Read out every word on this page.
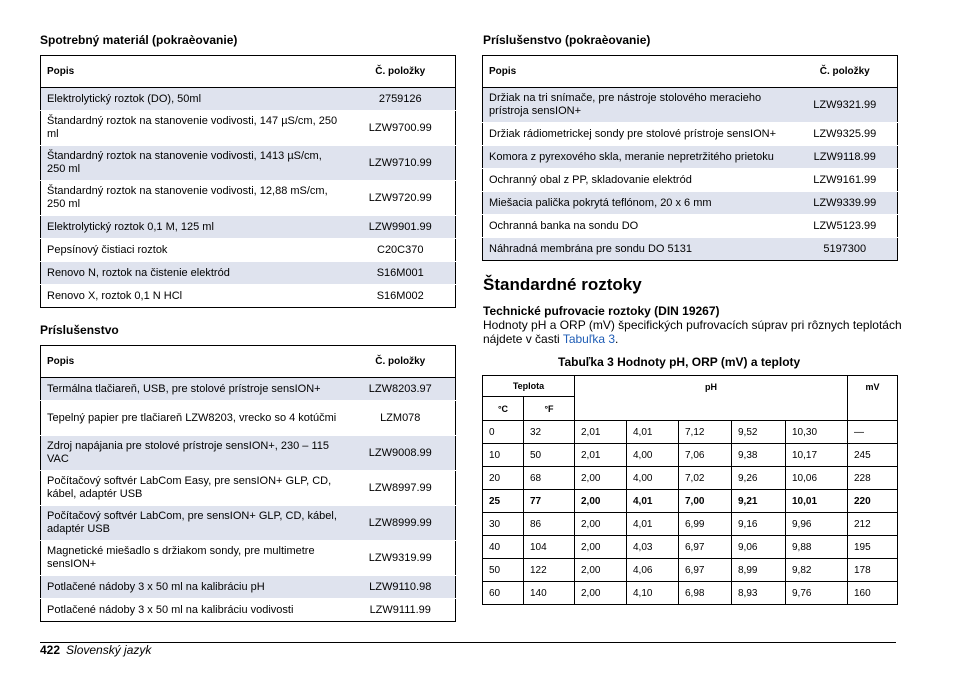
Spotrebný materiál (pokraèovanie)
Popis	Č. položky
Elektrolytický roztok (DO), 50ml	2759126
Štandardný roztok na stanovenie vodivosti, 147 µS/cm, 250 ml	LZW9700.99
Štandardný roztok na stanovenie vodivosti, 1413 µS/cm, 250 ml	LZW9710.99
Štandardný roztok na stanovenie vodivosti, 12,88 mS/cm, 250 ml	LZW9720.99
Elektrolytický roztok 0,1 M, 125 ml	LZW9901.99
Pepsínový čistiaci roztok	C20C370
Renovo N, roztok na čistenie elektród	S16M001
Renovo X, roztok 0,1 N HCl	S16M002
Príslušenstvo
Popis	Č. položky
Termálna tlačiareň, USB, pre stolové prístroje sensION+	LZW8203.97
Tepelný papier pre tlačiareň LZW8203, vrecko so 4 kotúčmi	LZM078
Zdroj napájania pre stolové prístroje sensION+, 230 – 115 VAC	LZW9008.99
Počítačový softvér LabCom Easy, pre sensION+ GLP, CD, kábel, adaptér USB	LZW8997.99
Počítačový softvér LabCom, pre sensION+ GLP, CD, kábel, adaptér USB	LZW8999.99
Magnetické miešadlo s držiakom sondy, pre multimetre sensION+	LZW9319.99
Potlačené nádoby 3 x 50 ml na kalibráciu pH	LZW9110.98
Potlačené nádoby 3 x 50 ml na kalibráciu vodivosti	LZW9111.99
Príslušenstvo (pokraèovanie)
Popis	Č. položky
Držiak na tri snímače, pre nástroje stolového meracieho prístroja sensION+	LZW9321.99
Držiak rádiometrickej sondy pre stolové prístroje sensION+	LZW9325.99
Komora z pyrexového skla, meranie nepretržitého prietoku	LZW9118.99
Ochranný obal z PP, skladovanie elektród	LZW9161.99
Miešacia palička pokrytá teflónom, 20 x 6 mm	LZW9339.99
Ochranná banka na sondu DO	LZW5123.99
Náhradná membrána pre sondu DO 5131	5197300
Štandardné roztoky
Technické pufrovacie roztoky (DIN 19267)
Hodnoty pH a ORP (mV) špecifických pufrovacích súprav pri rôznych teplotách nájdete v časti Tabuľka 3.
Tabuľka 3 Hodnoty pH, ORP (mV) a teploty
Teplota		pH					mV
°C	°F						
0	32	2,01	4,01	7,12	9,52	10,30	—
10	50	2,01	4,00	7,06	9,38	10,17	245
20	68	2,00	4,00	7,02	9,26	10,06	228
25	77	2,00	4,01	7,00	9,21	10,01	220
30	86	2,00	4,01	6,99	9,16	9,96	212
40	104	2,00	4,03	6,97	9,06	9,88	195
50	122	2,00	4,06	6,97	8,99	9,82	178
60	140	2,00	4,10	6,98	8,93	9,76	160
422 Slovenský jazyk
